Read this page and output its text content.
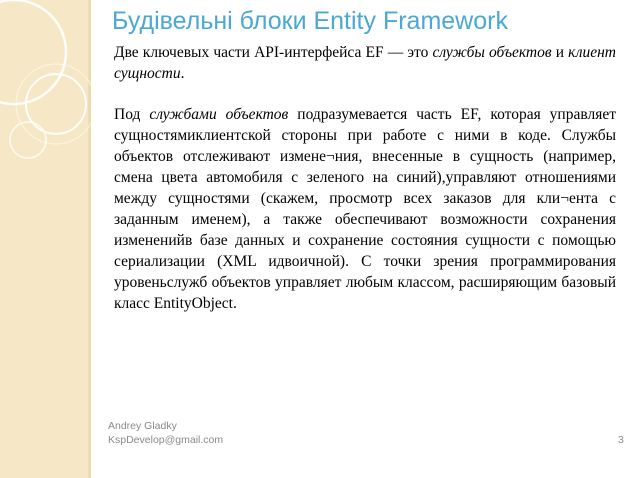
Будівельні блоки Entity Framework

Две ключевых части API-интерфейса EF — это службы объектов и клиент сущности.

Под службами объектов подразумевается часть EF, которая управляет сущностямиклиентской стороны при работе с ними в коде. Службы объектов отслеживают измене¬ния, внесенные в сущность (например, смена цвета автомобиля с зеленого на синий),управляют отношениями между сущностями (скажем, просмотр всех заказов для кли¬ента с заданным именем), а также обеспечивают возможности сохранения измененийв базе данных и сохранение состояния сущности с помощью сериализации (XML идвоичной). С точки зрения программирования уровеньслужб объектов управляет любым классом, расширяющим базовый класс EntityObject.

Andrey Gladky
KspDevelop@gmail.com	3
